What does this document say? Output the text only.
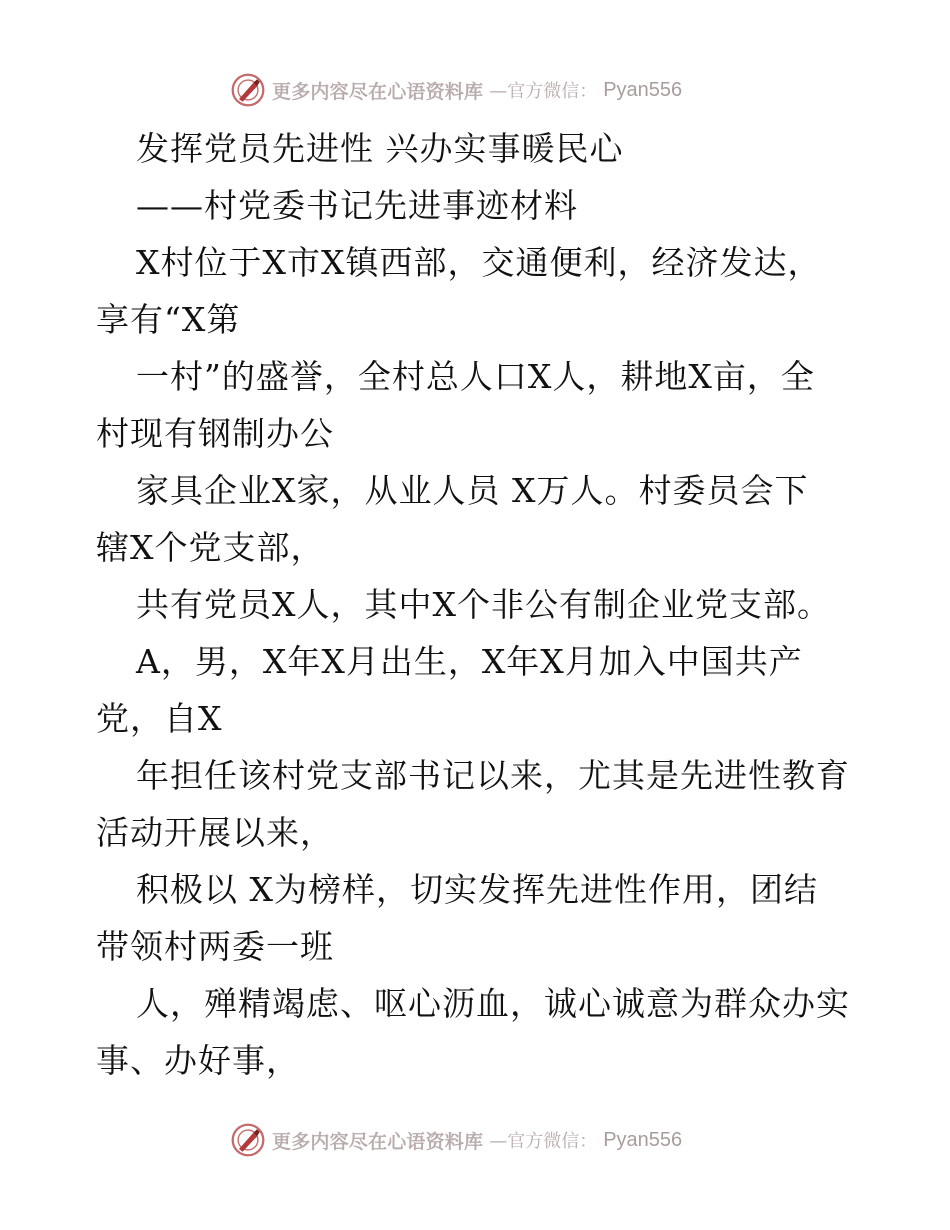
更多内容尽在心语资料库 —官方微信： Pyan556
发挥党员先进性 兴办实事暖民心
——村党委书记先进事迹材料
X村位于X市X镇西部，交通便利，经济发达，
享有“X第
一村”的盛誉，全村总人口X人，耕地X亩，全
村现有钢制办公
家具企业X家，从业人员 X万人。村委员会下
辖X个党支部，
共有党员X人，其中X个非公有制企业党支部。
A，男，X年X月出生，X年X月加入中国共产
党，自X
年担任该村党支部书记以来，尤其是先进性教育
活动开展以来，
积极以 X为榜样，切实发挥先进性作用，团结
带领村两委一班
人，殚精竭虑、呕心沥血，诚心诚意为群众办实
事、办好事，
更多内容尽在心语资料库 —官方微信： Pyan556
